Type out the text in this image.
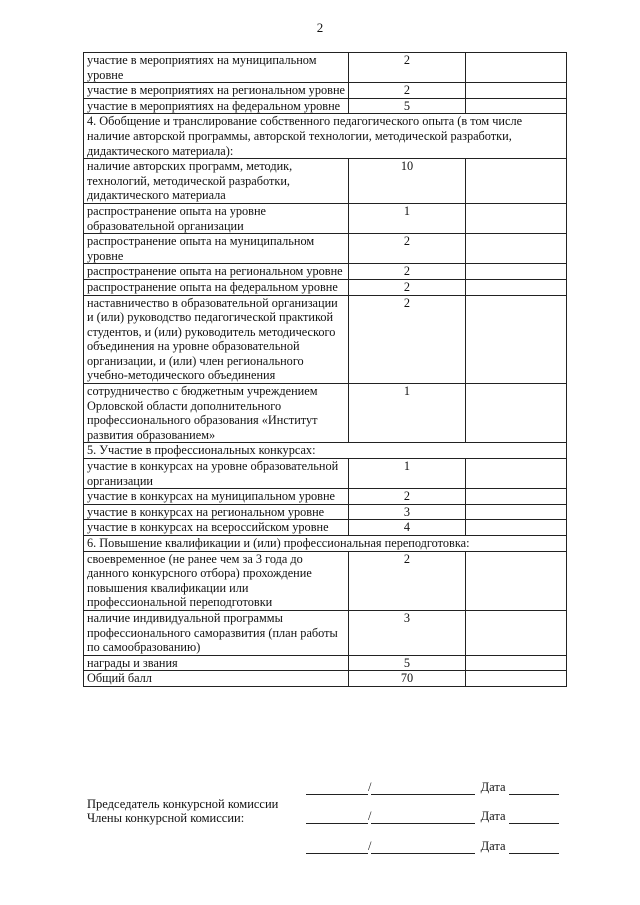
2
участие в мероприятиях на муниципальном уровне	2	
участие в мероприятиях на региональном уровне	2	
участие в мероприятиях на федеральном уровне	5	
4. Обобщение и транслирование собственного педагогического опыта (в том числе наличие авторской программы, авторской технологии, методической разработки, дидактического материала):		
наличие авторских программ, методик, технологий, методической разработки, дидактического материала	10	
распространение опыта на уровне образовательной организации	1	
распространение опыта на муниципальном уровне	2	
распространение опыта на региональном уровне	2	
распространение опыта на федеральном уровне	2	
наставничество в образовательной организации и (или) руководство педагогической практикой студентов, и (или) руководитель методического объединения на уровне образовательной организации, и (или) член регионального учебно-методического объединения	2	
сотрудничество с бюджетным учреждением Орловской области дополнительного профессионального образования «Институт развития образованием»	1	
5. Участие в профессиональных конкурсах:		
участие в конкурсах на уровне образовательной организации	1	
участие в конкурсах на муниципальном уровне	2	
участие в конкурсах на региональном уровне	3	
участие в конкурсах на всероссийском уровне	4	
6. Повышение квалификации и (или) профессиональная переподготовка:		
своевременное (не ранее чем за 3 года до данного конкурсного отбора) прохождение повышения квалификации или профессиональной переподготовки	2	
наличие индивидуальной программы профессионального саморазвития (план работы по самообразованию)	3	
награды и звания	5	
Общий балл	70	
/	Дата
Председатель конкурсной комиссии
Члены конкурсной комиссии:	/	Дата
/	Дата
